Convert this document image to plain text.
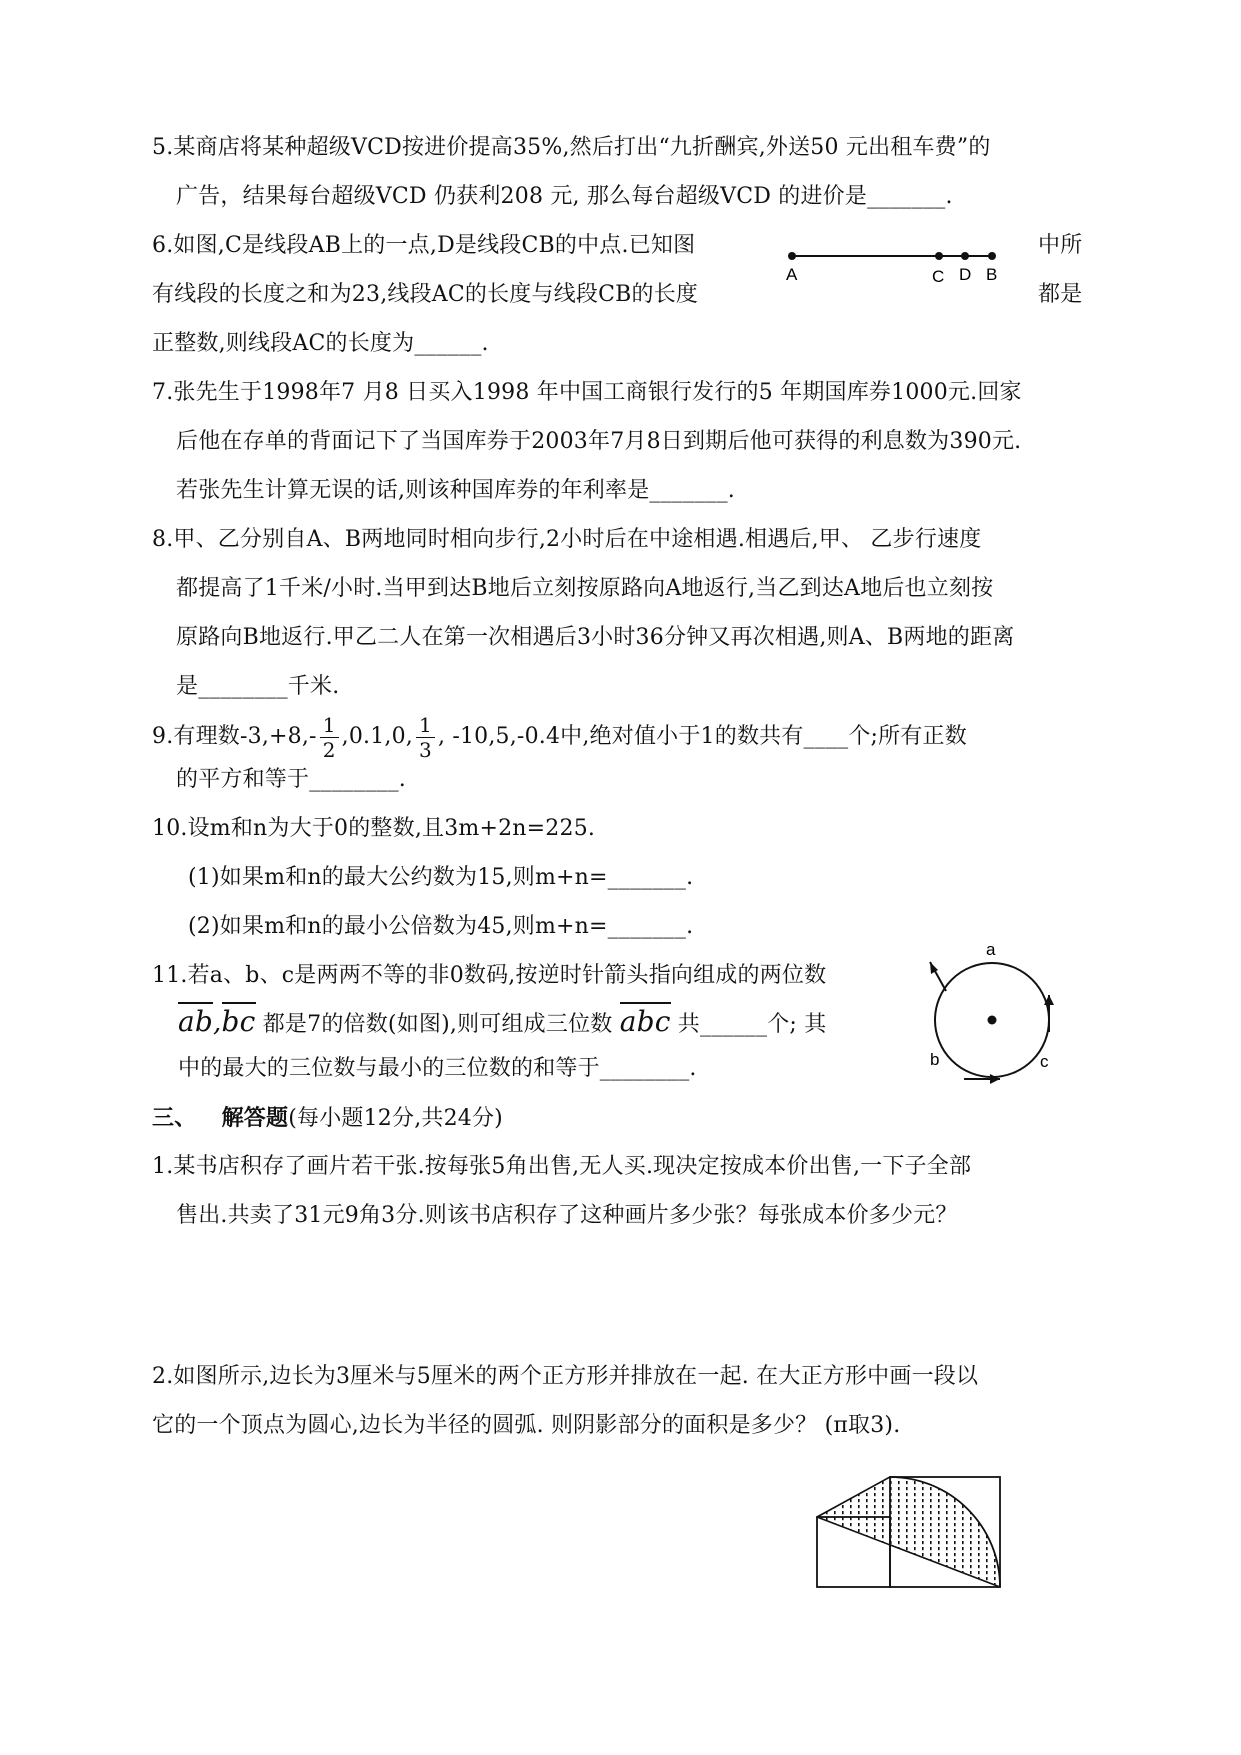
5.某商店将某种超级VCD按进价提高35%,然后打出“九折酬宾,外送50 元出租车费”的
广告，结果每台超级VCD 仍获利208 元, 那么每台超级VCD 的进价是_______.
6.如图,C是线段AB上的一点,D是线段CB的中点.已知图	中所
有线段的长度之和为23,线段AC的长度与线段CB的长度	都是
正整数,则线段AC的长度为______.
A	C D B
7.张先生于1998年7 月8 日买入1998 年中国工商银行发行的5 年期国库券1000元.回家
后他在存单的背面记下了当国库券于2003年7月8日到期后他可获得的利息数为390元.
若张先生计算无误的话,则该种国库券的年利率是_______.
8.甲、乙分别自A、B两地同时相向步行,2小时后在中途相遇.相遇后,甲、 乙步行速度
都提高了1千米/小时.当甲到达B地后立刻按原路向A地返行,当乙到达A地后也立刻按
原路向B地返行.甲乙二人在第一次相遇后3小时36分钟又再次相遇,则A、B两地的距离
是________千米.
9.有理数$-3,+8,- \frac{1}{2} ,0.1,0$, $\frac{1}{3}$ , -10,5,-0.4中,绝对值小于1的数共有____个;所有正数
的平方和等于________.
10.设m和n为大于0的整数,且3m+2n=225.
(1)如果m和n的最大公约数为15,则m+n=_______.
(2)如果m和n的最小公倍数为45,则m+n=_______.
11.若a、b、c是两两不等的非0数码,按逆时针箭头指向组成的两位数
ab,bc 都是7的倍数(如图),则可组成三位数 abc 共______个; 其
中的最大的三位数与最小的三位数的和等于________.
a
b	c
三、 解答题(每小题12分,共24分)
1.某书店积存了画片若干张.按每张5角出售,无人买.现决定按成本价出售,一下子全部
售出.共卖了31元9角3分.则该书店积存了这种画片多少张？每张成本价多少元？
2.如图所示,边长为3厘米与5厘米的两个正方形并排放在一起. 在大正方形中画一段以
它的一个顶点为圆心,边长为半径的圆弧. 则阴影部分的面积是多少？ (π取3).
